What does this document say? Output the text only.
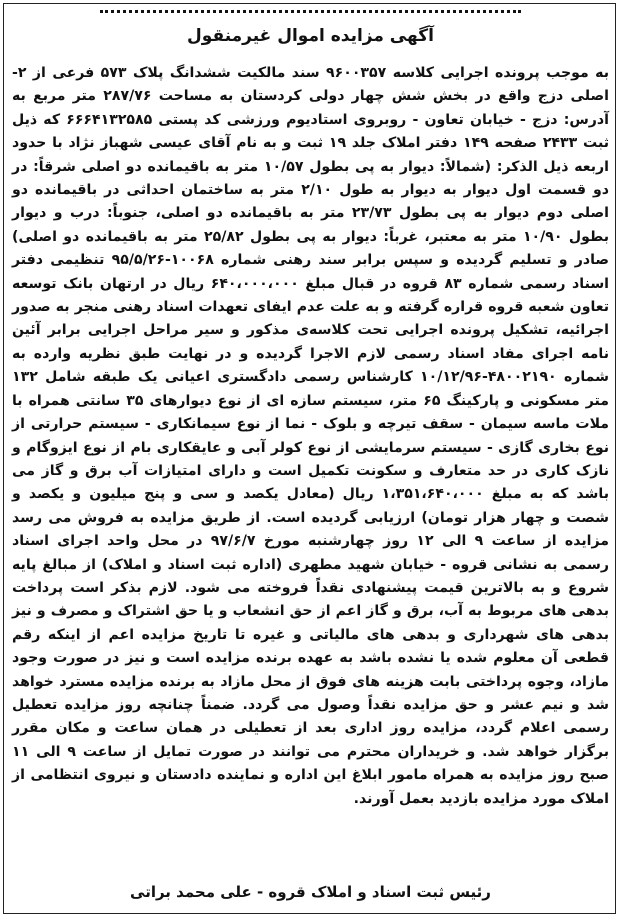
آگهی مزایده اموال غیرمنقول
به موجب پرونده اجرایی کلاسه ۹۶۰۰۳۵۷ سند مالکیت ششدانگ پلاک ۵۷۳ فرعی از ۲- اصلی دزج واقع در بخش شش چهار دولی کردستان به مساحت ۲۸۷/۷۶ متر مربع به آدرس: دزج - خیابان تعاون - روبروی استادیوم ورزشی کد پستی ۶۶۶۴۱۳۲۵۸۵ که ذیل ثبت ۲۴۳۳ صفحه ۱۴۹ دفتر املاک جلد ۱۹ ثبت و به نام آقای عیسی شهباز نژاد با حدود اربعه ذیل الذکر: (شمالاً: دیوار به پی بطول ۱۰/۵۷ متر به باقیمانده دو اصلی شرقاً: در دو قسمت اول دیوار به دیوار به طول ۲/۱۰ متر به ساختمان احداثی در باقیمانده دو اصلی دوم دیوار به پی بطول ۲۳/۷۳ متر به باقیمانده دو اصلی، جنوباً: درب و دیوار بطول ۱۰/۹۰ متر به معتبر، غرباً: دیوار به پی بطول ۲۵/۸۲ متر به باقیمانده دو اصلی) صادر و تسلیم گردیده و سپس برابر سند رهنی شماره ۱۰۰۶۸-۹۵/۵/۲۶ تنظیمی دفتر اسناد رسمی شماره ۸۳ قروه در قبال مبلغ ۶۴۰،۰۰۰،۰۰۰ ریال در ارتهان بانک توسعه تعاون شعبه قروه قراره گرفته و به علت عدم ایفای تعهدات اسناد رهنی منجر به صدور اجرائیه، تشکیل پرونده اجرایی تحت کلاسه‌ی مذکور و سیر مراحل اجرایی برابر آئین نامه اجرای مفاد اسناد رسمی لازم الاجرا گردیده و در نهایت طبق نظریه وارده به شماره ۴۸۰۰۲۱۹۰-۱۰/۱۲/۹۶ کارشناس رسمی دادگستری اعیانی یک طبقه شامل ۱۳۲ متر مسکونی و پارکینگ ۶۵ متر، سیستم سازه ای از نوع دیوارهای ۳۵ سانتی همراه با ملات ماسه سیمان - سقف تیرچه و بلوک - نما از نوع سیمانکاری - سیستم حرارتی از نوع بخاری گازی - سیستم سرمایشی از نوع کولر آبی و عایقکاری بام از نوع ایزوگام و نازک کاری در حد متعارف و سکونت تکمیل است و دارای امتیازات آب برق و گاز می باشد که به مبلغ ۱،۳۵۱،۶۴۰،۰۰۰ ریال (معادل یکصد و سی و پنج میلیون و یکصد و شصت و چهار هزار تومان) ارزیابی گردیده است. از طریق مزایده به فروش می رسد مزایده از ساعت ۹ الی ۱۲ روز چهارشنبه مورخ ۹۷/۶/۷ در محل واحد اجرای اسناد رسمی به نشانی قروه - خیابان شهید مطهری (اداره ثبت اسناد و املاک) از مبالغ پایه شروع و به بالاترین قیمت پیشنهادی نقداً فروخته می شود. لازم بذکر است پرداخت بدهی های مربوط به آب، برق و گاز اعم از حق انشعاب و یا حق اشتراک و مصرف و نیز بدهی های شهرداری و بدهی های مالیاتی و غیره تا تاریخ مزایده اعم از اینکه رقم قطعی آن معلوم شده یا نشده باشد به عهده برنده مزایده است و نیز در صورت وجود مازاد، وجوه پرداختی بابت هزینه های فوق از محل مازاد به برنده مزایده مسترد خواهد شد و نیم عشر و حق مزایده نقداً وصول می گردد. ضمناً چنانچه روز مزایده تعطیل رسمی اعلام گردد، مزایده روز اداری بعد از تعطیلی در همان ساعت و مکان مقرر برگزار خواهد شد. و خریداران محترم می توانند در صورت تمایل از ساعت ۹ الی ۱۱ صبح روز مزایده به همراه مامور ابلاغ این اداره و نماینده دادستان و نیروی انتظامی از املاک مورد مزایده بازدید بعمل آورند.
رئیس ثبت اسناد و املاک قروه - علی محمد براتی
